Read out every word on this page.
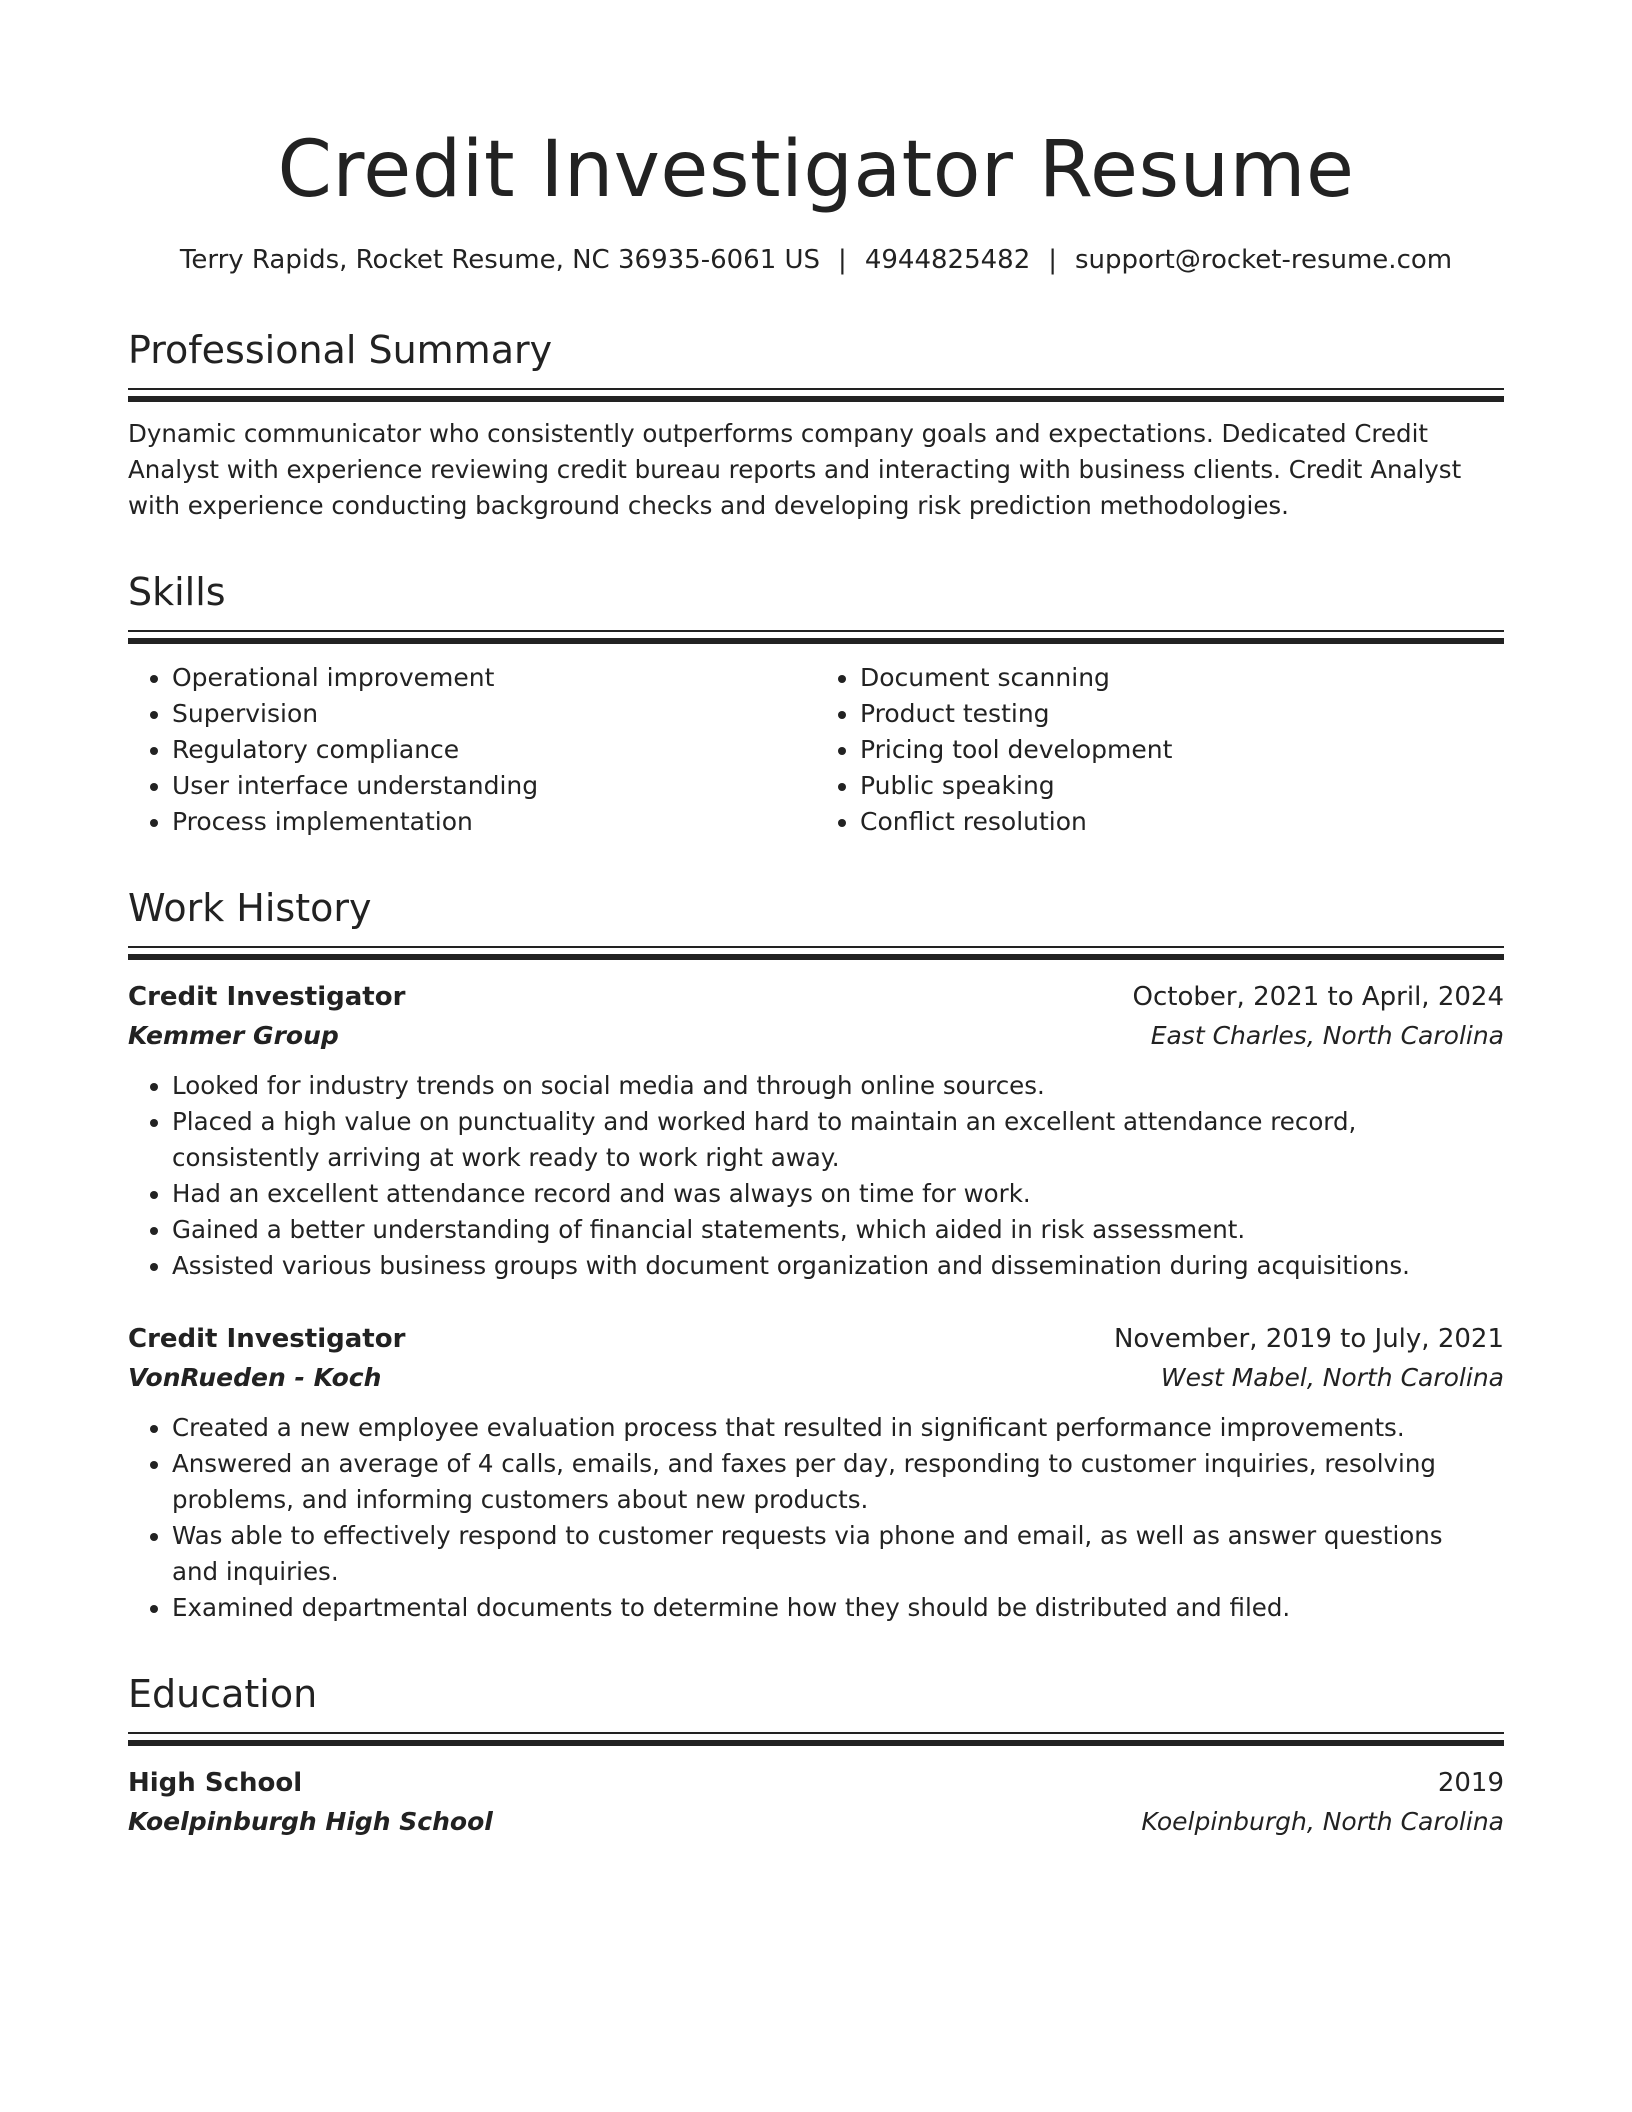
Credit Investigator Resume
Terry Rapids, Rocket Resume, NC 36935-6061 US | 4944825482 | support@rocket-resume.com
Professional Summary
Dynamic communicator who consistently outperforms company goals and expectations. Dedicated Credit Analyst with experience reviewing credit bureau reports and interacting with business clients. Credit Analyst with experience conducting background checks and developing risk prediction methodologies.
Skills
• Operational improvement
• Supervision
• Regulatory compliance
• User interface understanding
• Process implementation
• Document scanning
• Product testing
• Pricing tool development
• Public speaking
• Conflict resolution
Work History
Credit Investigator	October, 2021 to April, 2024
Kemmer Group	East Charles, North Carolina
• Looked for industry trends on social media and through online sources.
• Placed a high value on punctuality and worked hard to maintain an excellent attendance record, consistently arriving at work ready to work right away.
• Had an excellent attendance record and was always on time for work.
• Gained a better understanding of financial statements, which aided in risk assessment.
• Assisted various business groups with document organization and dissemination during acquisitions.
Credit Investigator	November, 2019 to July, 2021
VonRueden - Koch	West Mabel, North Carolina
• Created a new employee evaluation process that resulted in significant performance improvements.
• Answered an average of 4 calls, emails, and faxes per day, responding to customer inquiries, resolving problems, and informing customers about new products.
• Was able to effectively respond to customer requests via phone and email, as well as answer questions and inquiries.
• Examined departmental documents to determine how they should be distributed and filed.
Education
High School	2019
Koelpinburgh High School	Koelpinburgh, North Carolina
